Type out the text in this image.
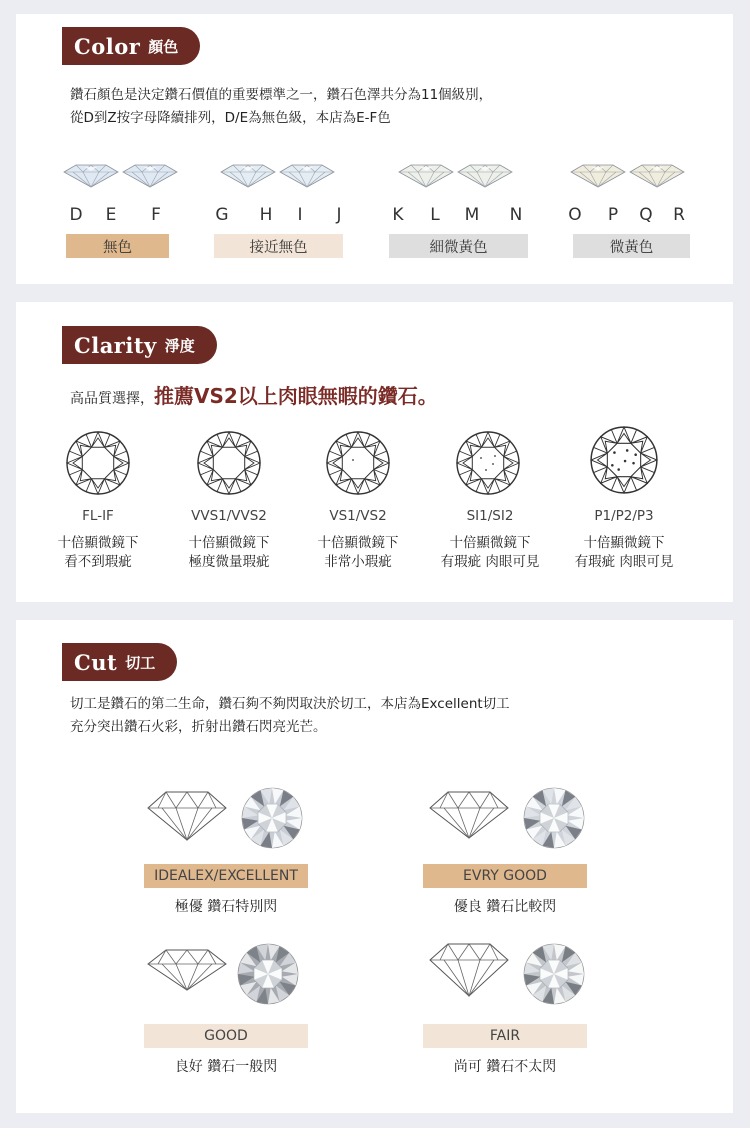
Color 顏色
鑽石顏色是決定鑽石價值的重要標準之一，鑽石色澤共分為11個級別，
從D到Z按字母降續排列，D/E為無色級，本店為E-F色
D E	F	G H	I	J	K	L	M N	O P Q R
無色	接近無色	細微黃色	微黃色
Clarity 淨度
高品質選擇， 推薦VS2以上肉眼無暇的鑽石。
FL-IF
十倍顯微鏡下
看不到瑕疵
VVS1/VVS2
十倍顯微鏡下
極度微量瑕疵
VS1/VS2
十倍顯微鏡下
非常小瑕疵
SI1/SI2
十倍顯微鏡下
有瑕疵 肉眼可見
P1/P2/P3
十倍顯微鏡下
有瑕疵 肉眼可見
Cut 切工
切工是鑽石的第二生命，鑽石夠不夠閃取決於切工，本店為Excellent切工
充分突出鑽石火彩，折射出鑽石閃亮光芒。
IDEALEX/EXCELLENT
極優 鑽石特別閃
EVRY GOOD
優良 鑽石比較閃
GOOD
良好 鑽石一般閃
FAIR
尚可 鑽石不太閃
